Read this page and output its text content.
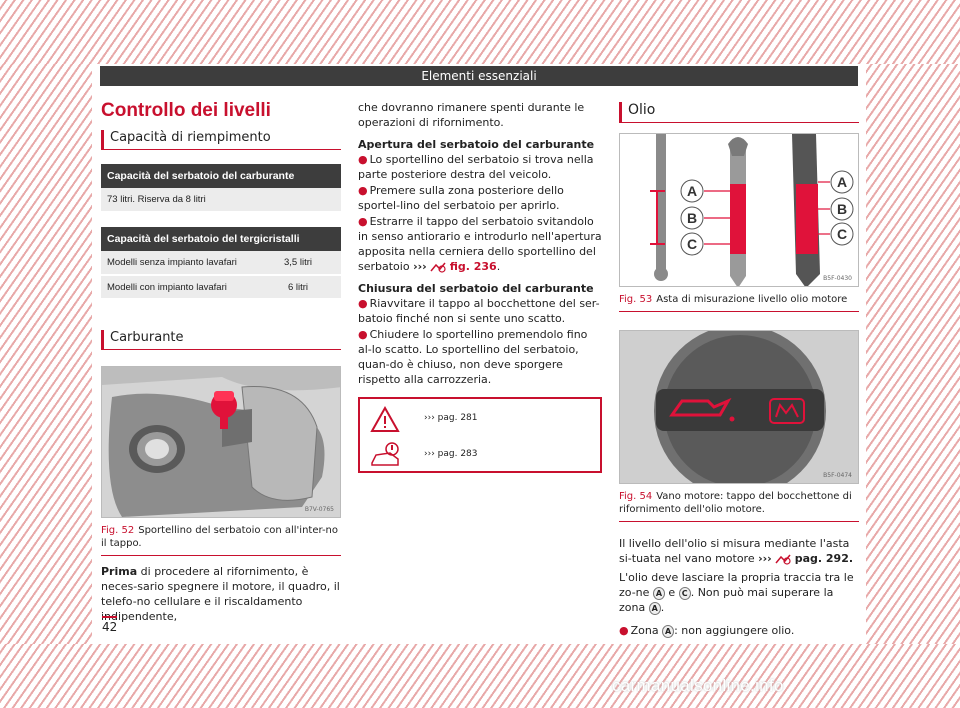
Elementi essenziali
Controllo dei livelli
Capacità di riempimento
Capacità del serbatoio del carburante
73 litri. Riserva da 8 litri
Capacità del serbatoio del tergicristalli	
Modelli senza impianto lavafari	3,5 litri
Modelli con impianto lavafari	6 litri
Carburante
B7V-0765
Fig. 52 Sportellino del serbatoio con all'inter-no il tappo.

Prima di procedere al rifornimento, è neces-sario spegnere il motore, il quadro, il telefo-no cellulare e il riscaldamento indipendente,

che dovranno rimanere spenti durante le operazioni di rifornimento.

Apertura del serbatoio del carburante

● Lo sportellino del serbatoio si trova nella parte posteriore destra del veicolo.

● Premere sulla zona posteriore dello sportel-lino del serbatoio per aprirlo.

● Estrarre il tappo del serbatoio svitandolo in senso antiorario e introdurlo nell'apertura apposita nella cerniera dello sportellino del serbatoio ››› fig. 236.

Chiusura del serbatoio del carburante

● Riavvitare il tappo al bocchettone del ser-batoio finché non si sente uno scatto.

● Chiudere lo sportellino premendolo fino al-lo scatto. Lo sportellino del serbatoio, quan-do è chiuso, non deve sporgere rispetto alla carrozzeria.

››› pag. 281
››› pag. 283
Olio
A
B
C
A
B
C
B5F-0430
Fig. 53 Asta di misurazione livello olio motore
B5F-0474
Fig. 54 Vano motore: tappo del bocchettone di rifornimento dell'olio motore.

Il livello dell'olio si misura mediante l'asta si-tuata nel vano motore ››› pag. 292.

L'olio deve lasciare la propria traccia tra le zo-ne A e C . Non può mai superare la zona A .

● Zona A : non aggiungere olio.

42
carmanualsonline.info
